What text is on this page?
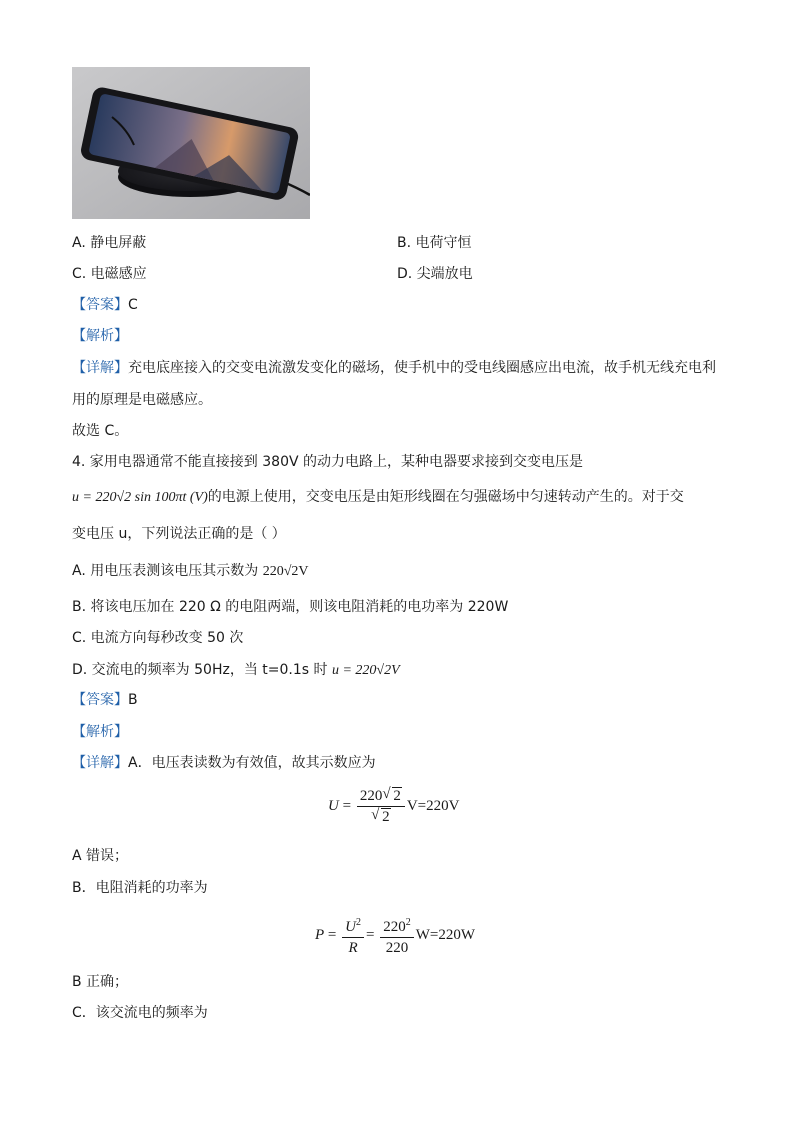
A. 静电屏蔽	B. 电荷守恒
C. 电磁感应	D. 尖端放电
【答案】C
【解析】
【详解】充电底座接入的交变电流激发变化的磁场，使手机中的受电线圈感应出电流，故手机无线充电利
用的原理是电磁感应。
故选 C。
4. 家用电器通常不能直接接到 380V 的动力电路上，某种电器要求接到交变电压是
u = 220√2 sin 100πt (V)的电源上使用，交变电压是由矩形线圈在匀强磁场中匀速转动产生的。对于交
变电压 u，下列说法正确的是（ ）
A. 用电压表测该电压其示数为 220√2V
B. 将该电压加在 220 Ω 的电阻两端，则该电阻消耗的电功率为 220W
C. 电流方向每秒改变 50 次
D. 交流电的频率为 50Hz，当 t=0.1s 时 u = 220√2V
【答案】B
【解析】
【详解】A．电压表读数为有效值，故其示数应为
U = 220√ 2
√ 2 V=220V
A 错误；
B．电阻消耗的功率为
$P = \frac{U^2}{R} = \frac{220^2}{220} W=220W$
B 正确；
C．该交流电的频率为
